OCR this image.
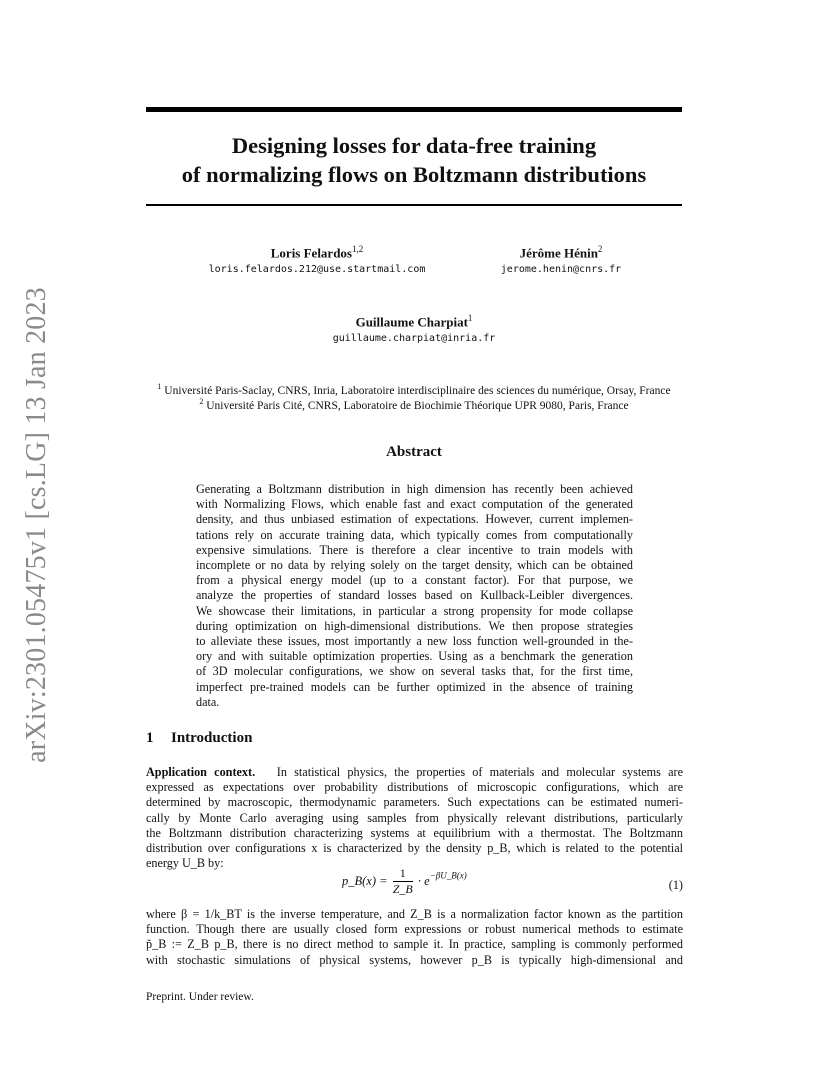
arXiv:2301.05475v1 [cs.LG] 13 Jan 2023
Designing losses for data-free training
of normalizing flows on Boltzmann distributions
Loris Felardos$^{1,2}$
loris.felardos.212@use.startmail.com
Jérôme Hénin$^2$
jerome.henin@cnrs.fr
Guillaume Charpiat$^1$
guillaume.charpiat@inria.fr
$^1$ Université Paris-Saclay, CNRS, Inria, Laboratoire interdisciplinaire des sciences du numérique, Orsay, France
$^2$ Université Paris Cité, CNRS, Laboratoire de Biochimie Théorique UPR 9080, Paris, France
Abstract
Generating a Boltzmann distribution in high dimension has recently been achieved
with Normalizing Flows, which enable fast and exact computation of the generated
density, and thus unbiased estimation of expectations. However, current implemen-
tations rely on accurate training data, which typically comes from computationally
expensive simulations. There is therefore a clear incentive to train models with
incomplete or no data by relying solely on the target density, which can be obtained
from a physical energy model (up to a constant factor). For that purpose, we
analyze the properties of standard losses based on Kullback-Leibler divergences.
We showcase their limitations, in particular a strong propensity for mode collapse
during optimization on high-dimensional distributions. We then propose strategies
to alleviate these issues, most importantly a new loss function well-grounded in the-
ory and with suitable optimization properties. Using as a benchmark the generation
of 3D molecular configurations, we show on several tasks that, for the first time,
imperfect pre-trained models can be further optimized in the absence of training
data.
1 Introduction
Application context. In statistical physics, the properties of materials and molecular systems are
expressed as expectations over probability distributions of microscopic configurations, which are
determined by macroscopic, thermodynamic parameters. Such expectations can be estimated numeri-
cally by Monte Carlo averaging using samples from physically relevant distributions, particularly
the Boltzmann distribution characterizing systems at equilibrium with a thermostat. The Boltzmann
distribution over configurations x is characterized by the density p_B, which is related to the potential
energy U_B by:
p_B(x) = $\frac{1}{Z\_B} \cdot e^{-\beta U\_B(x)}$
(1)
where β = 1/k_BT is the inverse temperature, and Z_B is a normalization factor known as the partition
function. Though there are usually closed form expressions or robust numerical methods to estimate
p̃_B := Z_B p_B, there is no direct method to sample it. In practice, sampling is commonly performed
with stochastic simulations of physical systems, however p_B is typically high-dimensional and
Preprint. Under review.
